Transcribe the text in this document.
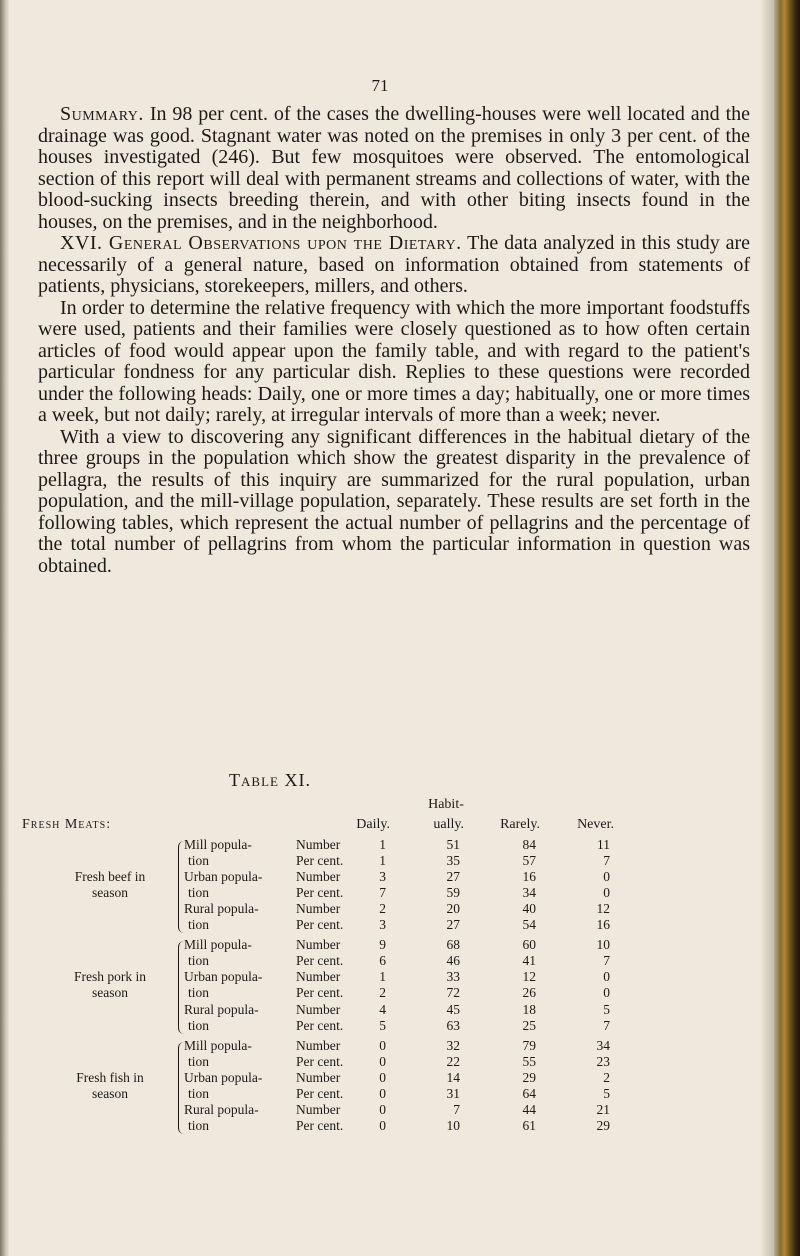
71

Summary. In 98 per cent. of the cases the dwelling-houses were well located and the drainage was good. Stagnant water was noted on the premises in only 3 per cent. of the houses investigated (246). But few mosquitoes were observed. The entomological section of this report will deal with permanent streams and collections of water, with the blood-sucking insects breeding therein, and with other biting insects found in the houses, on the premises, and in the neighborhood.

XVI. General Observations upon the Dietary. The data analyzed in this study are necessarily of a general nature, based on information obtained from statements of patients, physicians, storekeepers, millers, and others.

In order to determine the relative frequency with which the more important foodstuffs were used, patients and their families were closely questioned as to how often certain articles of food would appear upon the family table, and with regard to the patient's particular fondness for any particular dish. Replies to these questions were recorded under the following heads: Daily, one or more times a day; habitually, one or more times a week, but not daily; rarely, at irregular intervals of more than a week; never.

With a view to discovering any significant differences in the habitual dietary of the three groups in the population which show the greatest disparity in the prevalence of pellagra, the results of this inquiry are summarized for the rural population, urban population, and the mill-village population, separately. These results are set forth in the following tables, which represent the actual number of pellagrins and the percentage of the total number of pellagrins from whom the particular information in question was obtained.

Table XI.
Fresh Meats:
Habit-
Daily.	ually.	Rarely.	Never.
Fresh beef in
season
Mill popula-	Number	1	51	84	11
tion	Per cent.	1	35	57	7
Urban popula- Number	3	27	16	0
tion	Per cent.	7	59	34	0
Rural popula-	Number	2	20	40	12
tion	Per cent.	3	27	54	16
Fresh pork in
season
Mill popula-	Number	9	68	60	10
tion	Per cent.	6	46	41	7
Urban popula- Number	1	33	12	0
tion	Per cent.	2	72	26	0
Rural popula-	Number	4	45	18	5
tion	Per cent.	5	63	25	7
Fresh fish in
season
Mill popula-	Number	0	32	79	34
tion	Per cent.	0	22	55	23
Urban popula- Number	0	14	29	2
tion	Per cent.	0	31	64	5
Rural popula-	Number	0	7	44	21
tion	Per cent.	0	10	61	29
